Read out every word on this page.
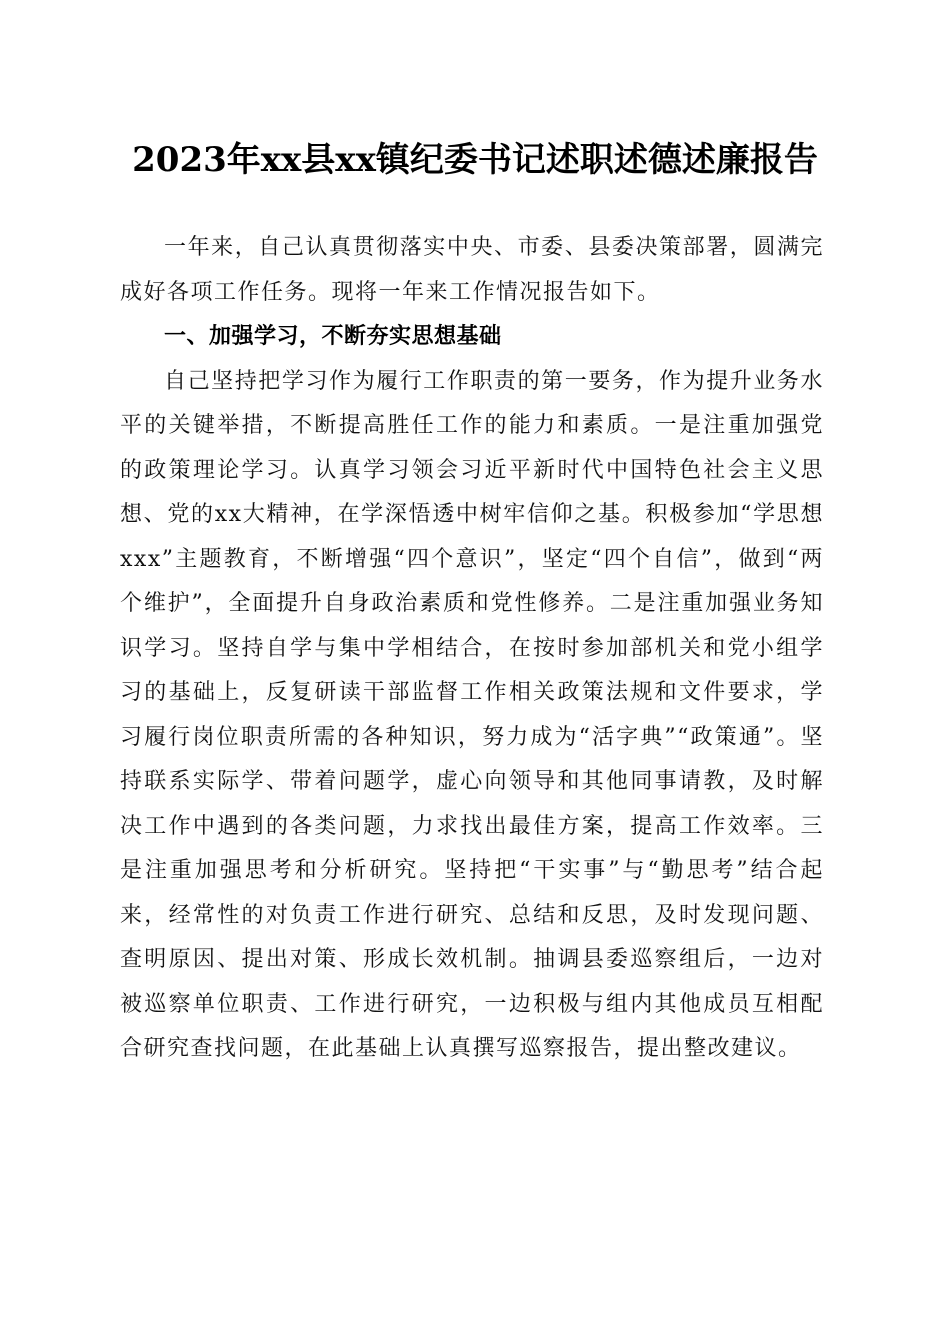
2023年xx县xx镇纪委书记述职述德述廉报告

一年来，自己认真贯彻落实中央、市委、县委决策部署，圆满完成好各项工作任务。现将一年来工作情况报告如下。

一、加强学习，不断夯实思想基础

自己坚持把学习作为履行工作职责的第一要务，作为提升业务水平的关键举措，不断提高胜任工作的能力和素质。一是注重加强党的政策理论学习。认真学习领会习近平新时代中国特色社会主义思想、党的xx大精神，在学深悟透中树牢信仰之基。积极参加“学思想xxx”主题教育，不断增强“四个意识”，坚定“四个自信”，做到“两个维护”，全面提升自身政治素质和党性修养。二是注重加强业务知识学习。坚持自学与集中学相结合，在按时参加部机关和党小组学习的基础上，反复研读干部监督工作相关政策法规和文件要求，学习履行岗位职责所需的各种知识，努力成为“活字典”“政策通”。坚持联系实际学、带着问题学，虚心向领导和其他同事请教，及时解决工作中遇到的各类问题，力求找出最佳方案，提高工作效率。三是注重加强思考和分析研究。坚持把“干实事”与“勤思考”结合起来，经常性的对负责工作进行研究、总结和反思，及时发现问题、查明原因、提出对策、形成长效机制。抽调县委巡察组后，一边对被巡察单位职责、工作进行研究，一边积极与组内其他成员互相配合研究查找问题，在此基础上认真撰写巡察报告，提出整改建议。
